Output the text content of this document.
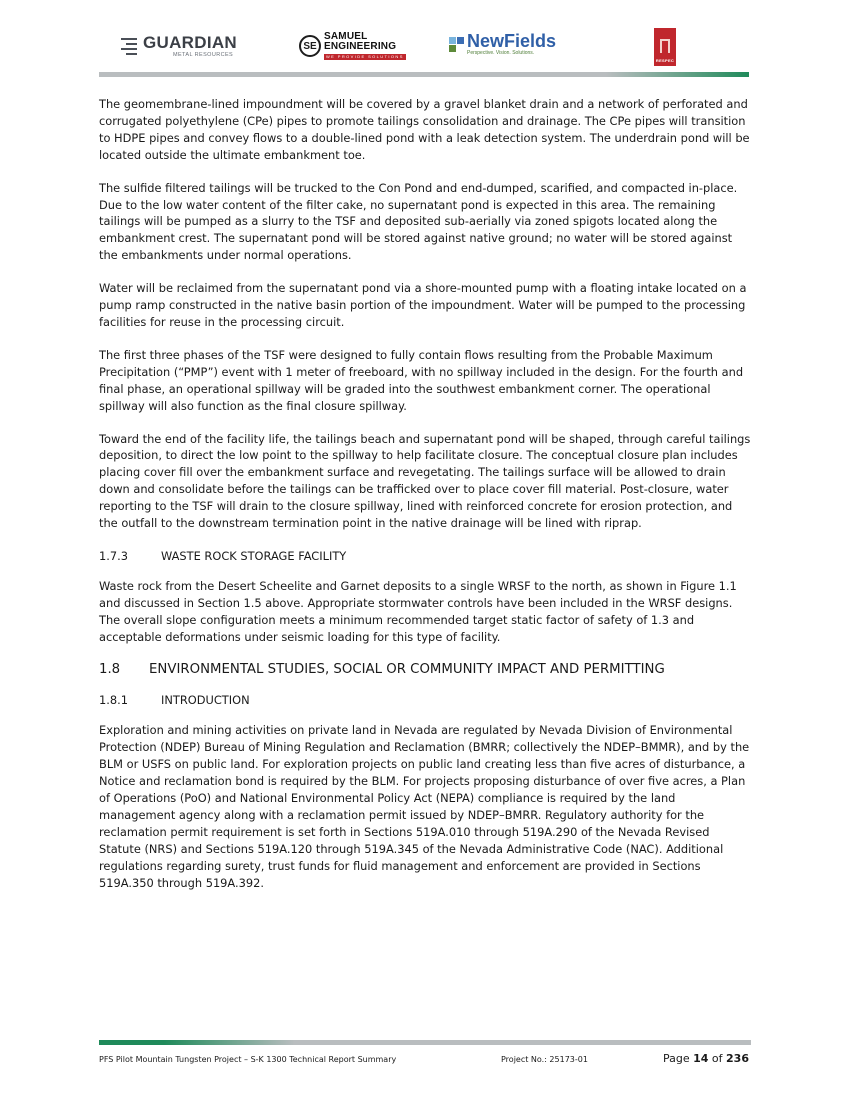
GUARDIAN
METAL RESOURCES
SE
SAMUEL
ENGINEERING
WE PROVIDE SOLUTIONS
NewFields
Perspective. Vision. Solutions.
RESPEC

The geomembrane-lined impoundment will be covered by a gravel blanket drain and a network of perforated and corrugated polyethylene (CPe) pipes to promote tailings consolidation and drainage. The CPe pipes will transition to HDPE pipes and convey flows to a double-lined pond with a leak detection system. The underdrain pond will be located outside the ultimate embankment toe.

The sulfide filtered tailings will be trucked to the Con Pond and end-dumped, scarified, and compacted in-place. Due to the low water content of the filter cake, no supernatant pond is expected in this area. The remaining tailings will be pumped as a slurry to the TSF and deposited sub-aerially via zoned spigots located along the embankment crest. The supernatant pond will be stored against native ground; no water will be stored against the embankments under normal operations.

Water will be reclaimed from the supernatant pond via a shore-mounted pump with a floating intake located on a pump ramp constructed in the native basin portion of the impoundment. Water will be pumped to the processing facilities for reuse in the processing circuit.

The first three phases of the TSF were designed to fully contain flows resulting from the Probable Maximum Precipitation (“PMP”) event with 1 meter of freeboard, with no spillway included in the design. For the fourth and final phase, an operational spillway will be graded into the southwest embankment corner. The operational spillway will also function as the final closure spillway.

Toward the end of the facility life, the tailings beach and supernatant pond will be shaped, through careful tailings deposition, to direct the low point to the spillway to help facilitate closure. The conceptual closure plan includes placing cover fill over the embankment surface and revegetating. The tailings surface will be allowed to drain down and consolidate before the tailings can be trafficked over to place cover fill material. Post-closure, water reporting to the TSF will drain to the closure spillway, lined with reinforced concrete for erosion protection, and the outfall to the downstream termination point in the native drainage will be lined with riprap.

1.7.3	WASTE ROCK STORAGE FACILITY

Waste rock from the Desert Scheelite and Garnet deposits to a single WRSF to the north, as shown in Figure 1.1 and discussed in Section 1.5 above. Appropriate stormwater controls have been included in the WRSF designs. The overall slope configuration meets a minimum recommended target static factor of safety of 1.3 and acceptable deformations under seismic loading for this type of facility.

1.8	ENVIRONMENTAL STUDIES, SOCIAL OR COMMUNITY IMPACT AND PERMITTING
1.8.1	INTRODUCTION

Exploration and mining activities on private land in Nevada are regulated by Nevada Division of Environmental Protection (NDEP) Bureau of Mining Regulation and Reclamation (BMRR; collectively the NDEP–BMMR), and by the BLM or USFS on public land. For exploration projects on public land creating less than five acres of disturbance, a Notice and reclamation bond is required by the BLM. For projects proposing disturbance of over five acres, a Plan of Operations (PoO) and National Environmental Policy Act (NEPA) compliance is required by the land management agency along with a reclamation permit issued by NDEP–BMRR. Regulatory authority for the reclamation permit requirement is set forth in Sections 519A.010 through 519A.290 of the Nevada Revised Statute (NRS) and Sections 519A.120 through 519A.345 of the Nevada Administrative Code (NAC). Additional regulations regarding surety, trust funds for fluid management and enforcement are provided in Sections 519A.350 through 519A.392.

PFS Pilot Mountain Tungsten Project – S-K 1300 Technical Report Summary	Project No.: 25173-01	Page 14 of 236
